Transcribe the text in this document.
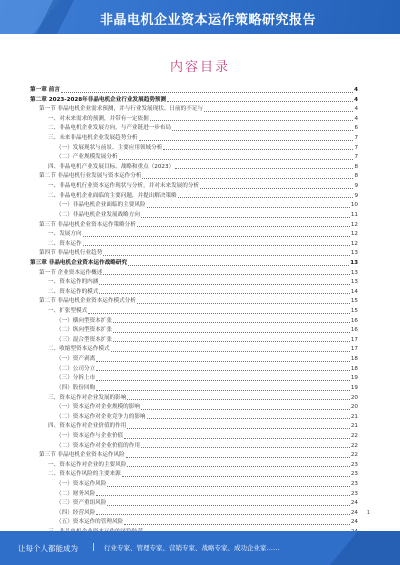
非晶电机企业资本运作策略研究报告
内容目录
第一章 前言	4
第二章 2023-2028年非晶电机企业行业发展趋势预测	4
第一节 非晶电机企业需求预测，并与行业发展现状、日前的不足与	4
一、对未来需求的预测，并带有一定依据	4
二、非晶电机企业发展方向，与产业链进一步布局	6
三、未来非晶电机企业发展趋势分析	7
（一）发展现状与前景、主要应用领域分析	7
（二）产业规模发展分析	7
四、非晶电机产业发展目标、战略和重点（2023）	8
第二节 非晶电机行业发展与资本运作分析	8
一、非晶电机行业资本运作现状与分析，并对未来发展的分析	9
二、非晶电机企业面临的主要问题，并提出解决策略	9
（一）非晶电机企业面临的主要风险	10
（二）非晶电机企业发展战略方向	11
第三节 非晶电机企业资本运作策略分析	12
一、发展方向	12
二、资本运作	12
第四节 非晶电机行业趋势	13
第三章 非晶电机企业资本运作战略研究	13
第一节 企业资本运作概述	13
一、资本运作的内涵	13
二、资本运作的模式	14
第二节 非晶电机企业资本运作模式分析	15
一、扩张型模式	15
（一）横向型资本扩张	16
（二）纵向型资本扩张	16
（三）混合型资本扩张	17
二、收缩型资本运作模式	17
（一）资产剥离	18
（二）公司分立	18
（三）分拆上市	19
（四）股份回购	19
三、资本运作对企业发展的影响	20
（一）资本运作对企业规模的影响	20
（二）资本运作对企业竞争力的影响	21
四、资本运作对企业价值的作用	21
（一）资本运作与企业价值	22
（二）资本运作对企业价值的作用	22
第三节 非晶电机企业资本运作风险	22
一、资本运作对企业的主要风险	23
二、资本运作风险的主要来源	23
（一）资本运作风险	23
（二）财务风险	23
（三）资产重组风险	24
（四）经营风险	24
（五）资本运作的管理风险	24
1
让每个人都能成为 | 行业专家、管理专家、营销专家、战略专家、成功企业家……
